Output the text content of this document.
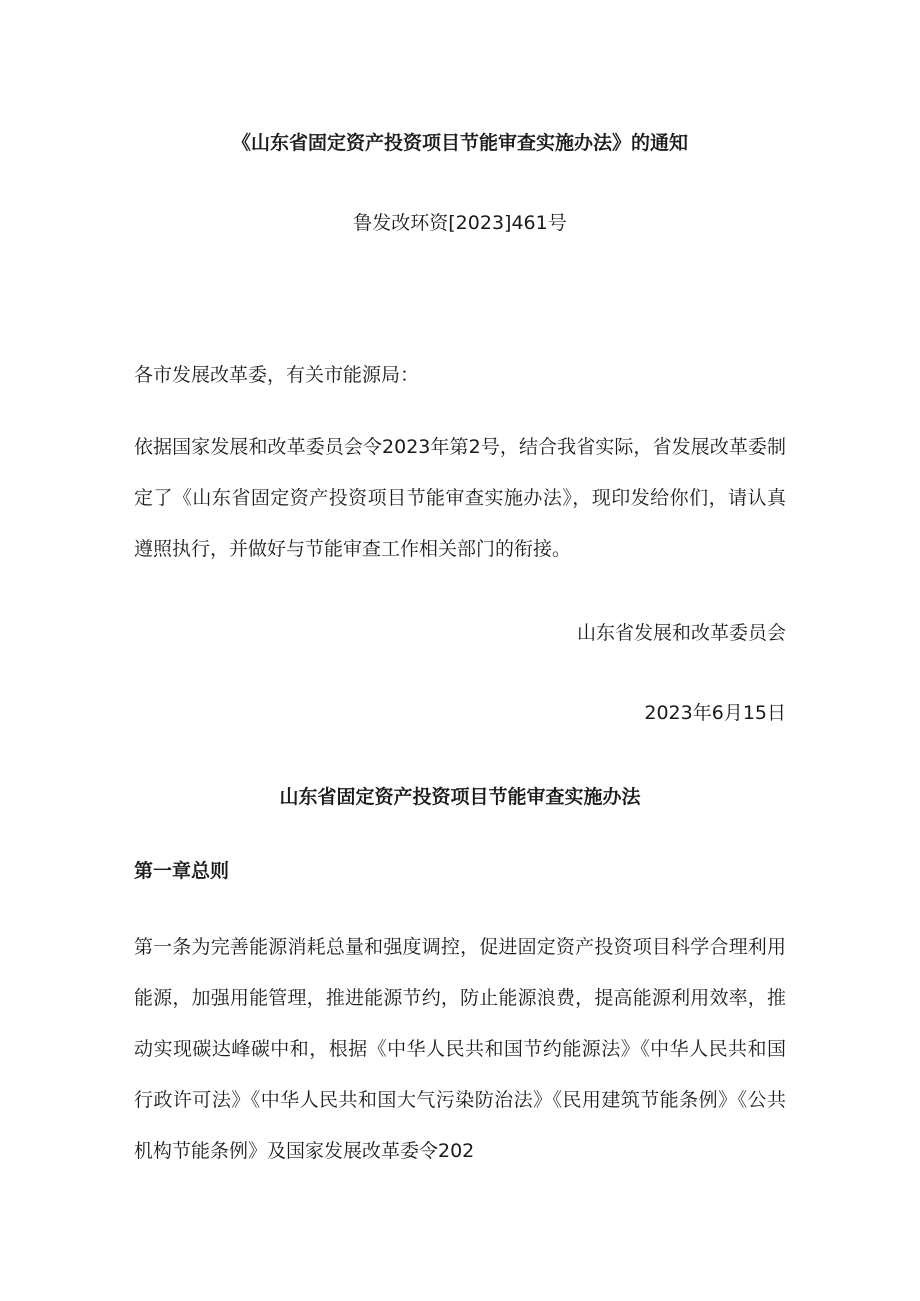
《山东省固定资产投资项目节能审查实施办法》的通知
鲁发改环资[2023]461号
各市发展改革委，有关市能源局：
依据国家发展和改革委员会令2023年第2号，结合我省实际，省发展改革委制定了《山东省固定资产投资项目节能审查实施办法》，现印发给你们，请认真遵照执行，并做好与节能审查工作相关部门的衔接。
山东省发展和改革委员会
2023年6月15日
山东省固定资产投资项目节能审查实施办法
第一章总则
第一条为完善能源消耗总量和强度调控，促进固定资产投资项目科学合理利用能源，加强用能管理，推进能源节约，防止能源浪费，提高能源利用效率，推动实现碳达峰碳中和，根据《中华人民共和国节约能源法》《中华人民共和国行政许可法》《中华人民共和国大气污染防治法》《民用建筑节能条例》《公共机构节能条例》及国家发展改革委令202
